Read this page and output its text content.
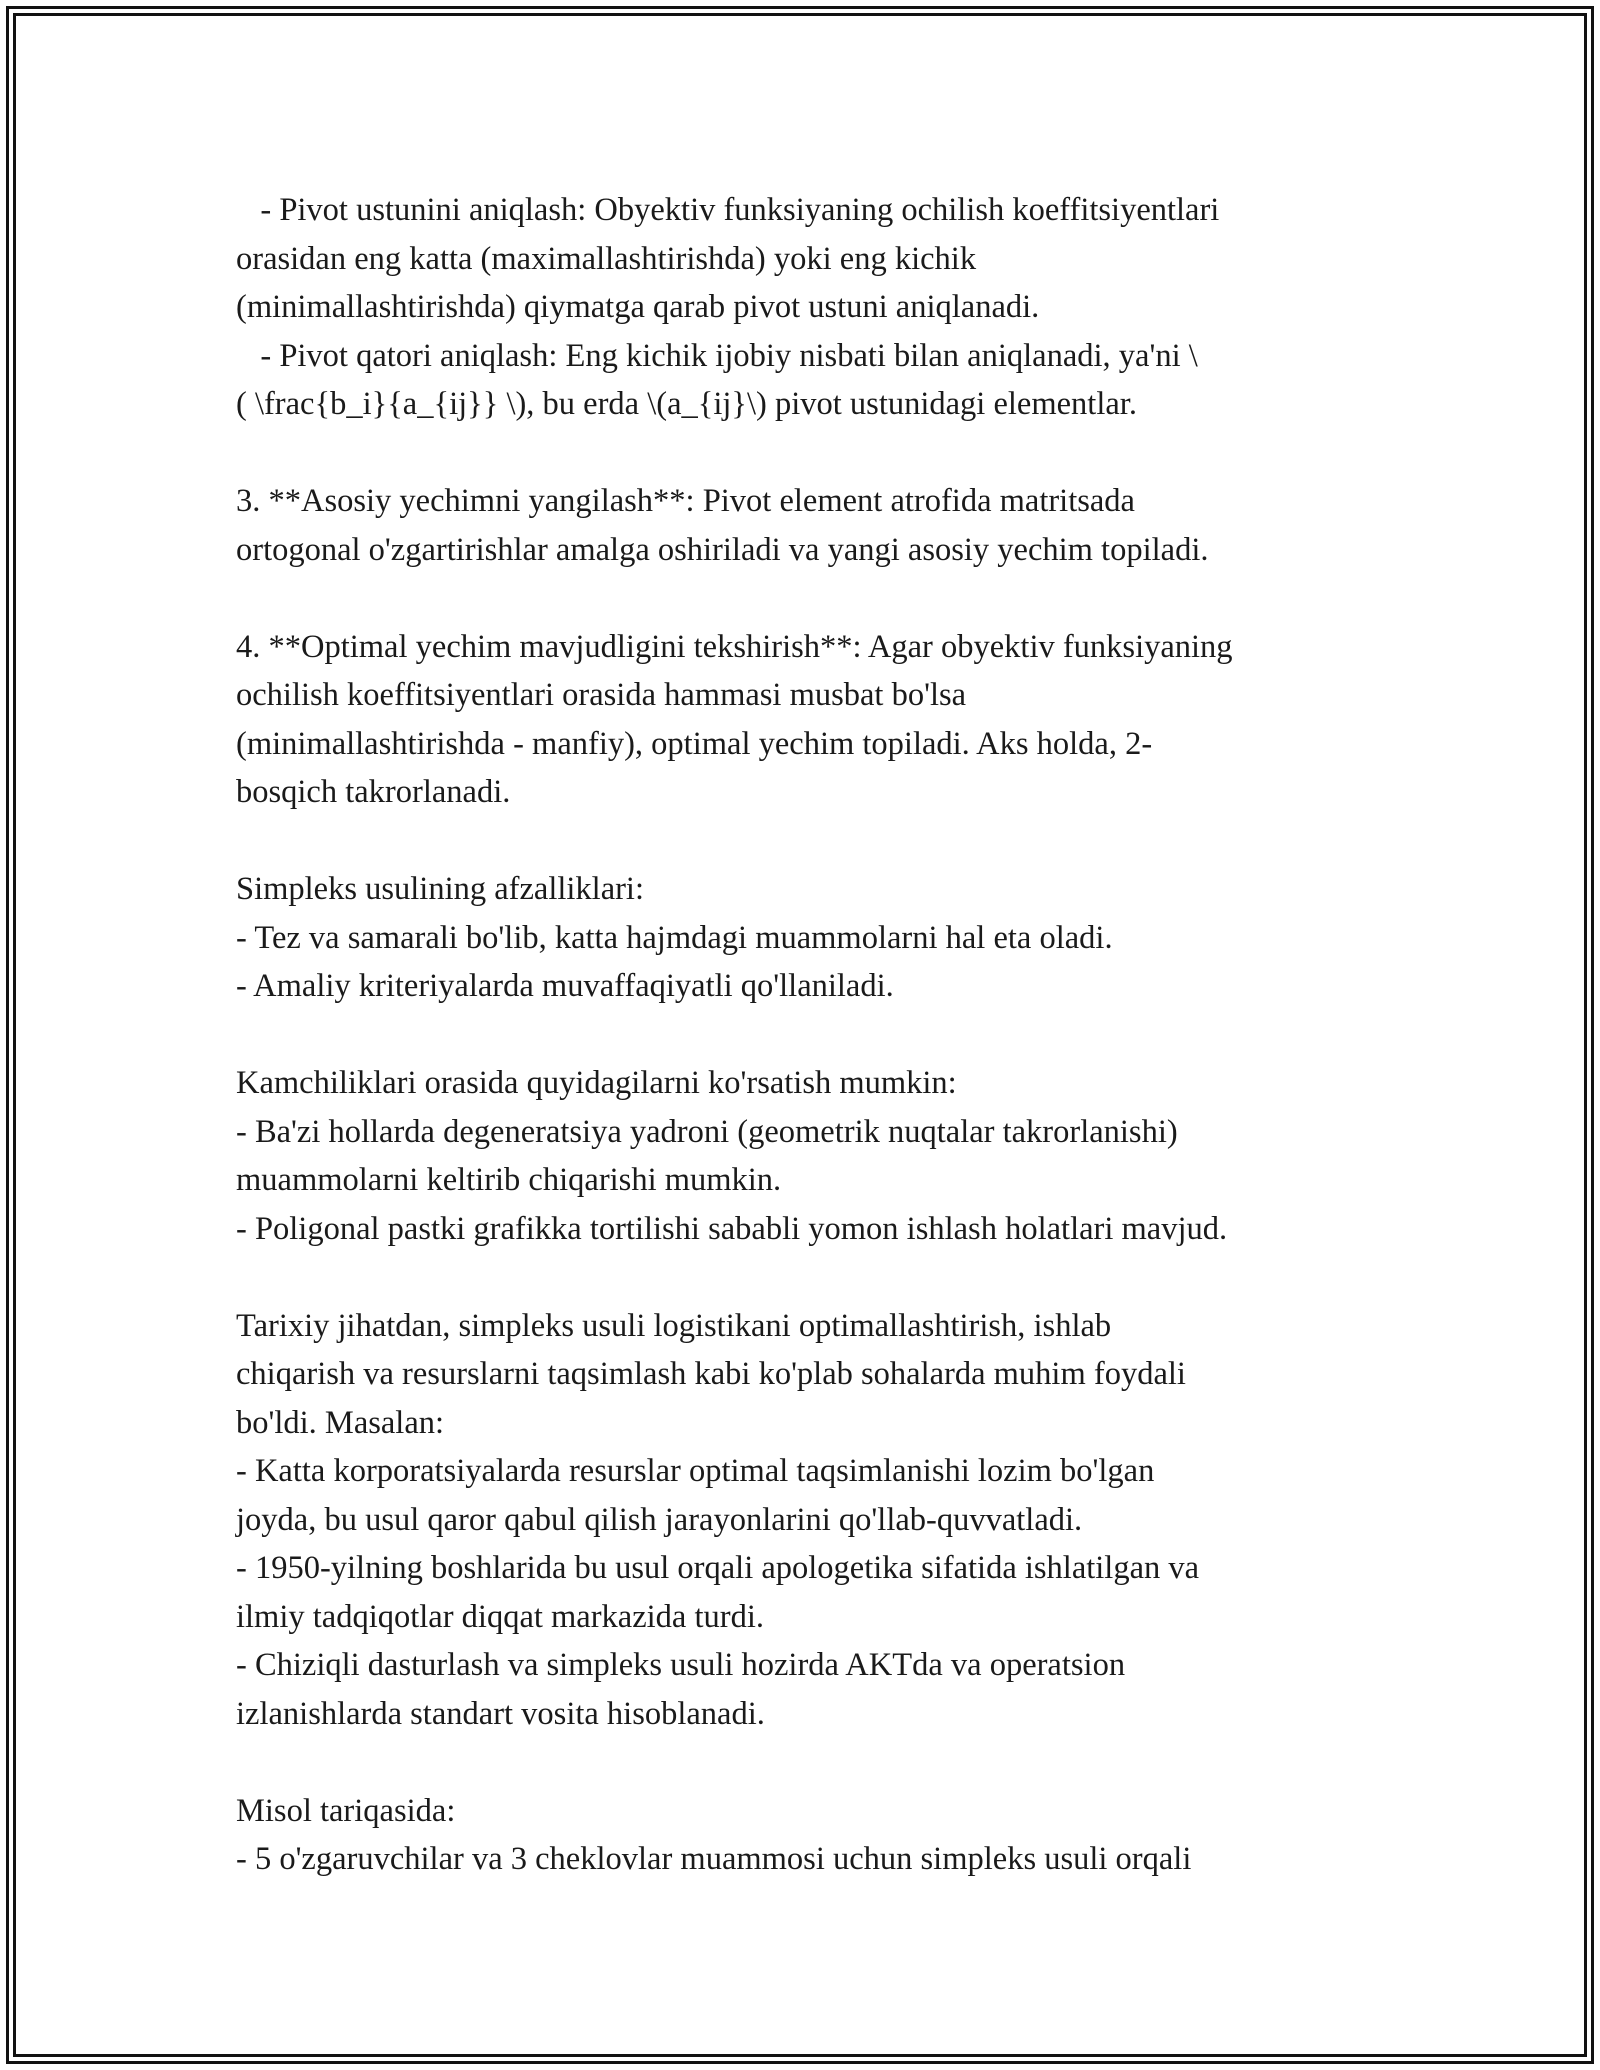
- Pivot ustunini aniqlash: Obyektiv funksiyaning ochilish koeffitsiyentlari
orasidan eng katta (maximallashtirishda) yoki eng kichik
(minimallashtirishda) qiymatga qarab pivot ustuni aniqlanadi.
- Pivot qatori aniqlash: Eng kichik ijobiy nisbati bilan aniqlanadi, ya'ni \
( \frac{b_i}{a_{ij}} \), bu erda \(a_{ij}\) pivot ustunidagi elementlar.
3. **Asosiy yechimni yangilash**: Pivot element atrofida matritsada
ortogonal o'zgartirishlar amalga oshiriladi va yangi asosiy yechim topiladi.
4. **Optimal yechim mavjudligini tekshirish**: Agar obyektiv funksiyaning
ochilish koeffitsiyentlari orasida hammasi musbat bo'lsa
(minimallashtirishda - manfiy), optimal yechim topiladi. Aks holda, 2-
bosqich takrorlanadi.
Simpleks usulining afzalliklari:
- Tez va samarali bo'lib, katta hajmdagi muammolarni hal eta oladi.
- Amaliy kriteriyalarda muvaffaqiyatli qo'llaniladi.
Kamchiliklari orasida quyidagilarni ko'rsatish mumkin:
- Ba'zi hollarda degeneratsiya yadroni (geometrik nuqtalar takrorlanishi)
muammolarni keltirib chiqarishi mumkin.
- Poligonal pastki grafikka tortilishi sababli yomon ishlash holatlari mavjud.
Tarixiy jihatdan, simpleks usuli logistikani optimallashtirish, ishlab
chiqarish va resurslarni taqsimlash kabi ko'plab sohalarda muhim foydali
bo'ldi. Masalan:
- Katta korporatsiyalarda resurslar optimal taqsimlanishi lozim bo'lgan
joyda, bu usul qaror qabul qilish jarayonlarini qo'llab-quvvatladi.
- 1950-yilning boshlarida bu usul orqali apologetika sifatida ishlatilgan va
ilmiy tadqiqotlar diqqat markazida turdi.
- Chiziqli dasturlash va simpleks usuli hozirda AKTda va operatsion
izlanishlarda standart vosita hisoblanadi.
Misol tariqasida:
- 5 o'zgaruvchilar va 3 cheklovlar muammosi uchun simpleks usuli orqali
